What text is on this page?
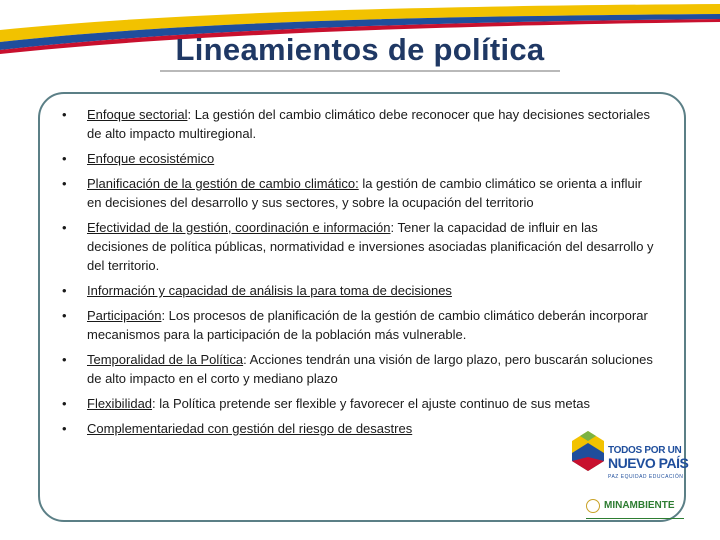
Lineamientos de política
• Enfoque sectorial: La gestión del cambio climático debe reconocer que hay decisiones sectoriales de alto impacto multiregional.
• Enfoque ecosistémico
• Planificación de la gestión de cambio climático: la gestión de cambio climático se orienta a influir en decisiones del desarrollo y sus sectores, y sobre la ocupación del territorio
• Efectividad de la gestión, coordinación e información: Tener la capacidad de influir en las decisiones de política públicas, normatividad e inversiones asociadas planificación del desarrollo y del territorio.
• Información y capacidad de análisis la para toma de decisiones
• Participación: Los procesos de planificación de la gestión de cambio climático deberán incorporar mecanismos para la participación de la población más vulnerable.
• Temporalidad de la Política: Acciones tendrán una visión de largo plazo, pero buscarán soluciones de alto impacto en el corto y mediano plazo
• Flexibilidad: la Política pretende ser flexible y favorecer el ajuste continuo de sus metas
• Complementariedad con gestión del riesgo de desastres
TODOS POR UN
NUEVO PAÍS
PAZ EQUIDAD EDUCACIÓN
MINAMBIENTE
